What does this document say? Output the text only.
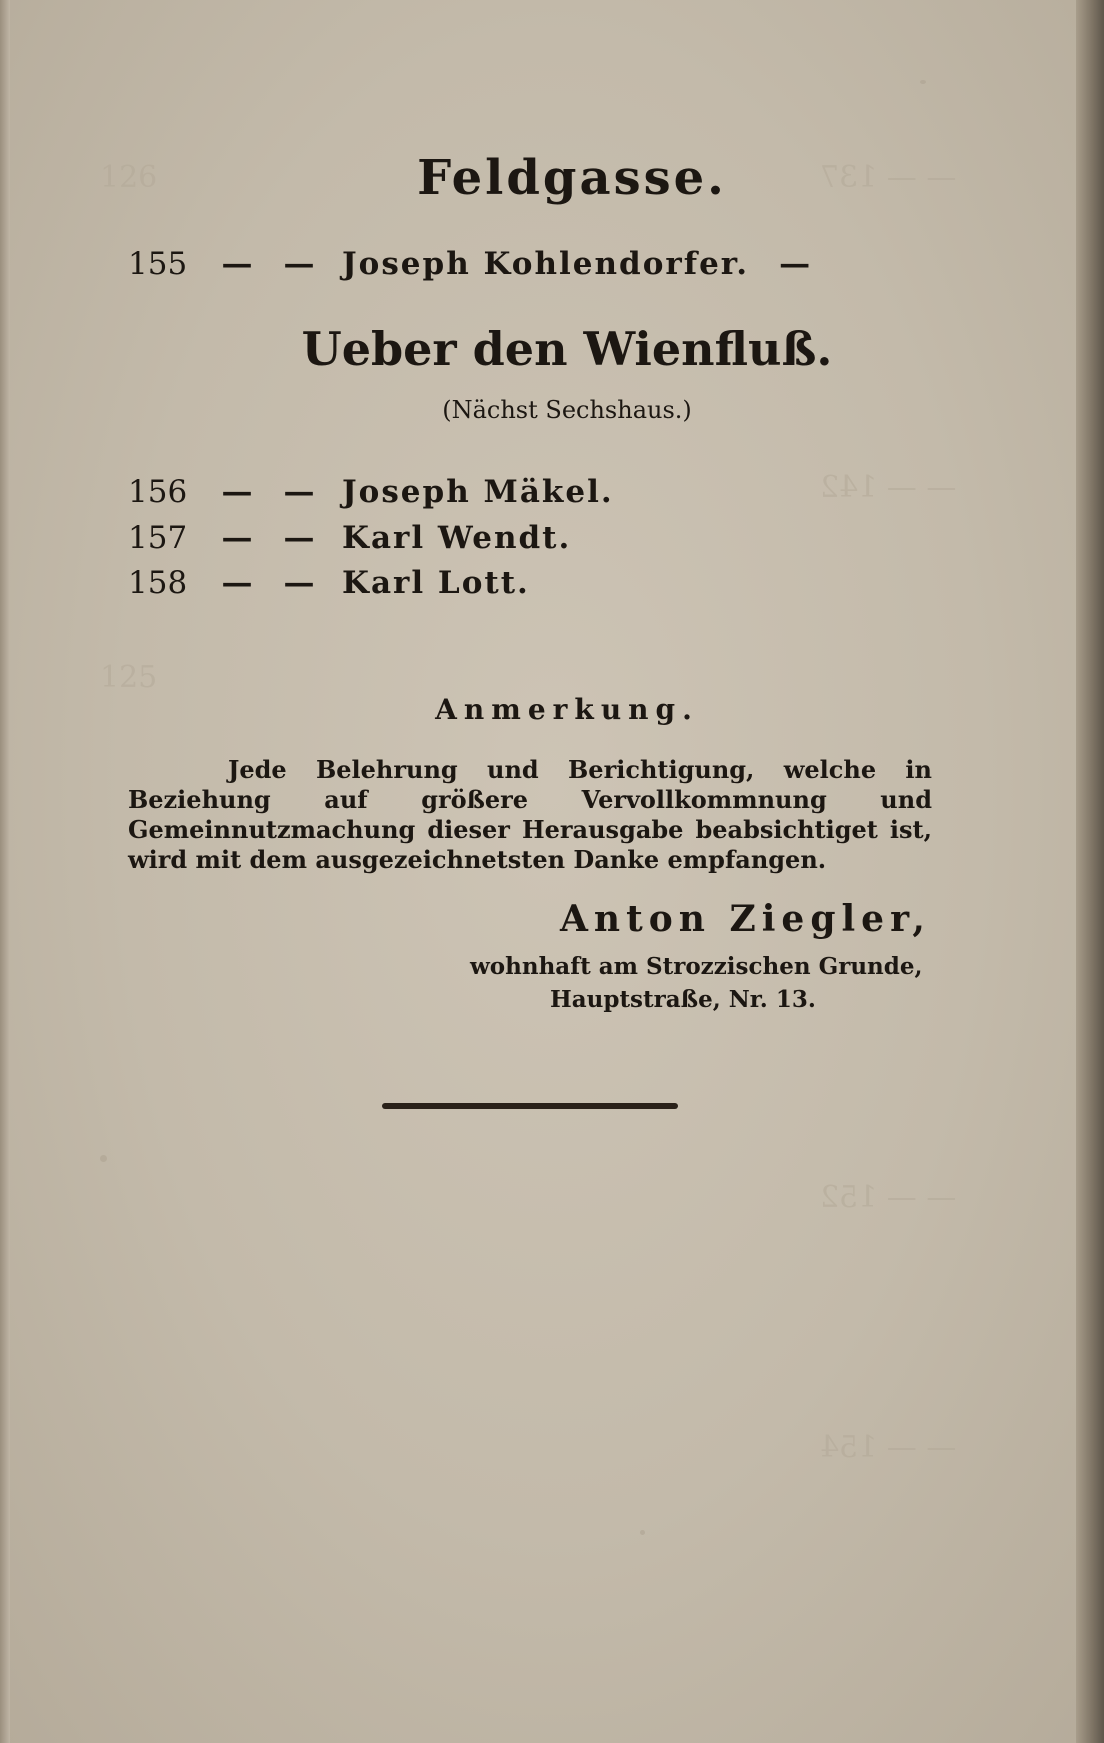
— — 137
— — 142
— — 152
— — 154
126
125
Feldgasse.
155 — — Joseph Kohlendorfer. —
Ueber den Wienfluß.
(Nächst Sechshaus.)
156 — — Joseph Mäkel.
157 — — Karl Wendt.
158 — — Karl Lott.
Anmerkung.
Jede Belehrung und Berichtigung, welche in Beziehung auf größere Vervollkommnung und Gemeinnutzmachung dieser Herausgabe beabsichtiget ist, wird mit dem ausgezeichnetsten Danke empfangen.
Anton Ziegler,
wohnhaft am Strozzischen Grunde,
Hauptstraße, Nr. 13.
